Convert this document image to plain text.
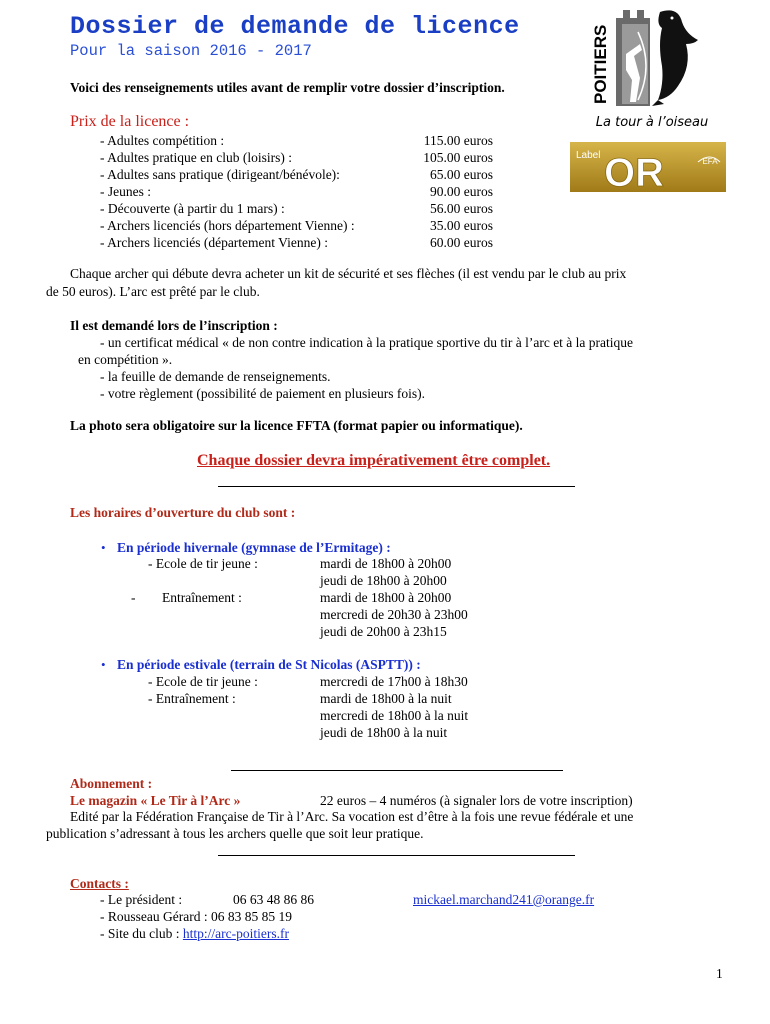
Dossier de demande de licence
Pour la saison 2016 - 2017
Voici des renseignements utiles avant de remplir votre dossier d’inscription.	POITIERS
La tour à l’oiseau
Label OR	EFA
Prix de la licence :
- Adultes compétition :	115.00 euros
- Adultes pratique en club (loisirs) :	105.00 euros
- Adultes sans pratique (dirigeant/bénévole):	65.00 euros
- Jeunes :	90.00 euros
- Découverte (à partir du 1 mars) :	56.00 euros
- Archers licenciés (hors département Vienne) :	35.00 euros
- Archers licenciés (département Vienne) :	60.00 euros
Chaque archer qui débute devra acheter un kit de sécurité et ses flèches (il est vendu par le club au prix
de 50 euros). L’arc est prêté par le club.
Il est demandé lors de l’inscription :
- un certificat médical « de non contre indication à la pratique sportive du tir à l’arc et à la pratique
en compétition ».
- la feuille de demande de renseignements.
- votre règlement (possibilité de paiement en plusieurs fois).
La photo sera obligatoire sur la licence FFTA (format papier ou informatique).
Chaque dossier devra impérativement être complet.
Les horaires d’ouverture du club sont :
• En période hivernale (gymnase de l’Ermitage) :
- Ecole de tir jeune :	mardi de 18h00 à 20h00
jeudi de 18h00 à 20h00
- Entraînement :	mardi de 18h00 à 20h00
mercredi de 20h30 à 23h00
jeudi de 20h00 à 23h15
• En période estivale (terrain de St Nicolas (ASPTT)) :
- Ecole de tir jeune :	mercredi de 17h00 à 18h30
- Entraînement :	mardi de 18h00 à la nuit
mercredi de 18h00 à la nuit
jeudi de 18h00 à la nuit
Abonnement :
Le magazin « Le Tir à l’Arc »	22 euros – 4 numéros (à signaler lors de votre inscription)
Edité par la Fédération Française de Tir à l’Arc. Sa vocation est d’être à la fois une revue fédérale et une
publication s’adressant à tous les archers quelle que soit leur pratique.
Contacts :
- Le président :	06 63 48 86 86	mickael.marchand241@orange.fr
- Rousseau Gérard : 06 83 85 85 19
- Site du club : http://arc-poitiers.fr
1
